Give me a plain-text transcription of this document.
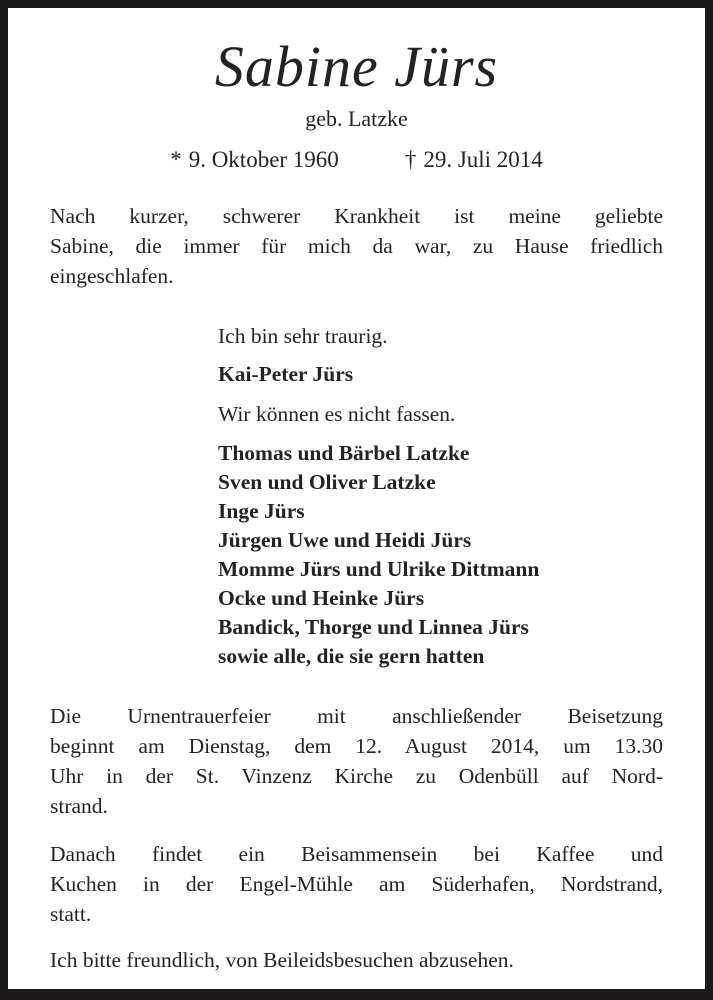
Sabine Jürs
geb. Latzke
* 9. Oktober 1960	† 29. Juli 2014
Nach kurzer, schwerer Krankheit ist meine geliebte
Sabine, die immer für mich da war, zu Hause friedlich
eingeschlafen.
Ich bin sehr traurig.
Kai-Peter Jürs
Wir können es nicht fassen.
Thomas und Bärbel Latzke
Sven und Oliver Latzke
Inge Jürs
Jürgen Uwe und Heidi Jürs
Momme Jürs und Ulrike Dittmann
Ocke und Heinke Jürs
Bandick, Thorge und Linnea Jürs
sowie alle, die sie gern hatten
Die Urnentrauerfeier mit anschließender Beisetzung
beginnt am Dienstag, dem 12. August 2014, um 13.30
Uhr in der St. Vinzenz Kirche zu Odenbüll auf Nord-
strand.
Danach findet ein Beisammensein bei Kaffee und
Kuchen in der Engel-Mühle am Süderhafen, Nordstrand,
statt.
Ich bitte freundlich, von Beileidsbesuchen abzusehen.
